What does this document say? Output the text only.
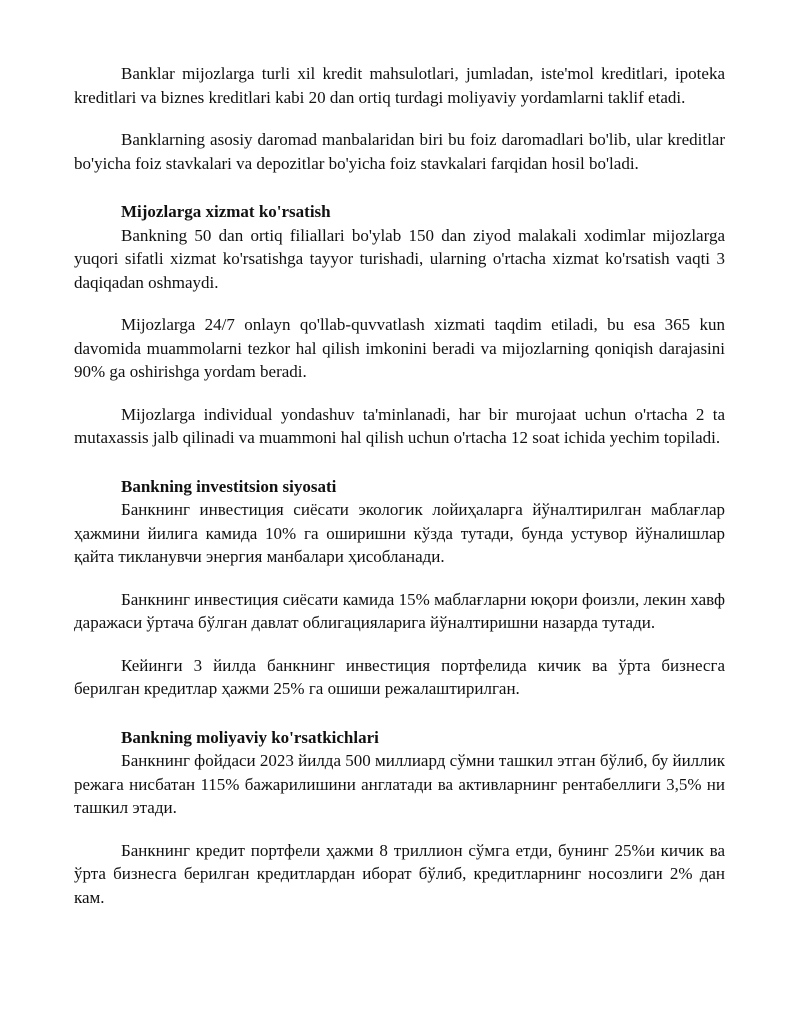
Banklar mijozlarga turli xil kredit mahsulotlari, jumladan, iste'mol kreditlari, ipoteka kreditlari va biznes kreditlari kabi 20 dan ortiq turdagi moliyaviy yordamlarni taklif etadi.

Banklarning asosiy daromad manbalaridan biri bu foiz daromadlari bo'lib, ular kreditlar bo'yicha foiz stavkalari va depozitlar bo'yicha foiz stavkalari farqidan hosil bo'ladi.

Mijozlarga xizmat ko'rsatish

Bankning 50 dan ortiq filiallari bo'ylab 150 dan ziyod malakali xodimlar mijozlarga yuqori sifatli xizmat ko'rsatishga tayyor turishadi, ularning o'rtacha xizmat ko'rsatish vaqti 3 daqiqadan oshmaydi.

Mijozlarga 24/7 onlayn qo'llab-quvvatlash xizmati taqdim etiladi, bu esa 365 kun davomida muammolarni tezkor hal qilish imkonini beradi va mijozlarning qoniqish darajasini 90% ga oshirishga yordam beradi.

Mijozlarga individual yondashuv ta'minlanadi, har bir murojaat uchun o'rtacha 2 ta mutaxassis jalb qilinadi va muammoni hal qilish uchun o'rtacha 12 soat ichida yechim topiladi.

Bankning investitsion siyosati

Банкнинг инвестиция сиёсати экологик лойиҳаларга йўналтирилган маблағлар ҳажмини йилига камида 10% га оширишни кўзда тутади, бунда устувор йўналишлар қайта тикланувчи энергия манбалари ҳисобланади.

Банкнинг инвестиция сиёсати камида 15% маблағларни юқори фоизли, лекин хавф даражаси ўртача бўлган давлат облигацияларига йўналтиришни назарда тутади.

Кейинги 3 йилда банкнинг инвестиция портфелида кичик ва ўрта бизнесга берилган кредитлар ҳажми 25% га ошиши режалаштирилган.

Bankning moliyaviy ko'rsatkichlari

Банкнинг фойдаси 2023 йилда 500 миллиард сўмни ташкил этган бўлиб, бу йиллик режага нисбатан 115% бажарилишини англатади ва активларнинг рентабеллиги 3,5% ни ташкил этади.

Банкнинг кредит портфели ҳажми 8 триллион сўмга етди, бунинг 25%и кичик ва ўрта бизнесга берилган кредитлардан иборат бўлиб, кредитларнинг носозлиги 2% дан кам.
